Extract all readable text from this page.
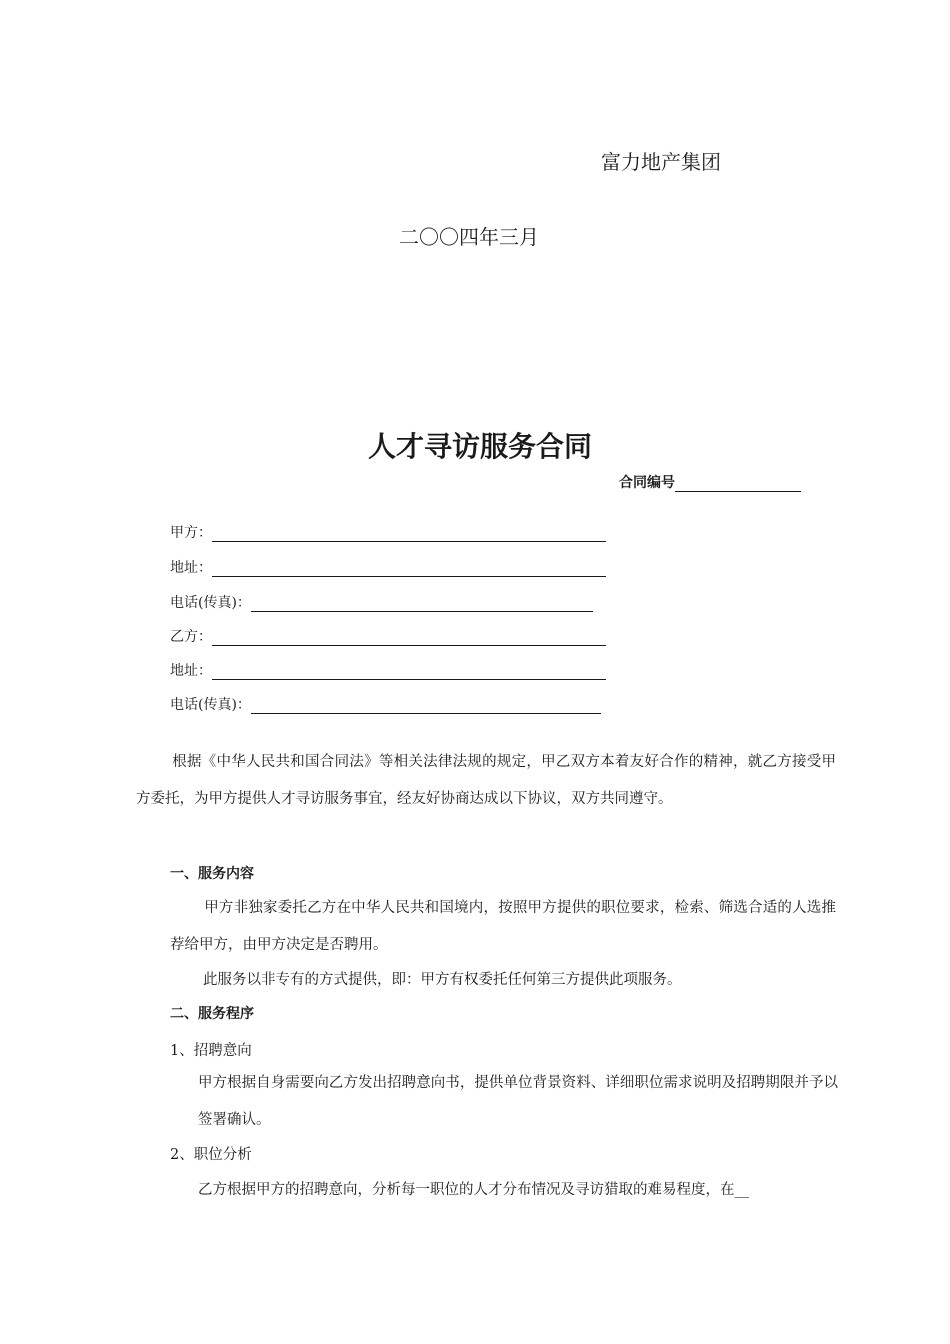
富力地产集团
二〇〇四年三月
人才寻访服务合同
合同编号
甲方：
地址：
电话(传真)：
乙方：
地址：
电话(传真)：
根据《中华人民共和国合同法》等相关法律法规的规定，甲乙双方本着友好合作的精神，就乙方接受甲方委托，为甲方提供人才寻访服务事宜，经友好协商达成以下协议，双方共同遵守。
一、服务内容
甲方非独家委托乙方在中华人民共和国境内，按照甲方提供的职位要求，检索、筛选合适的人选推荐给甲方，由甲方决定是否聘用。
此服务以非专有的方式提供，即：甲方有权委托任何第三方提供此项服务。
二、服务程序
1、招聘意向
甲方根据自身需要向乙方发出招聘意向书，提供单位背景资料、详细职位需求说明及招聘期限并予以签署确认。
2、职位分析
乙方根据甲方的招聘意向，分析每一职位的人才分布情况及寻访猎取的难易程度，在__
